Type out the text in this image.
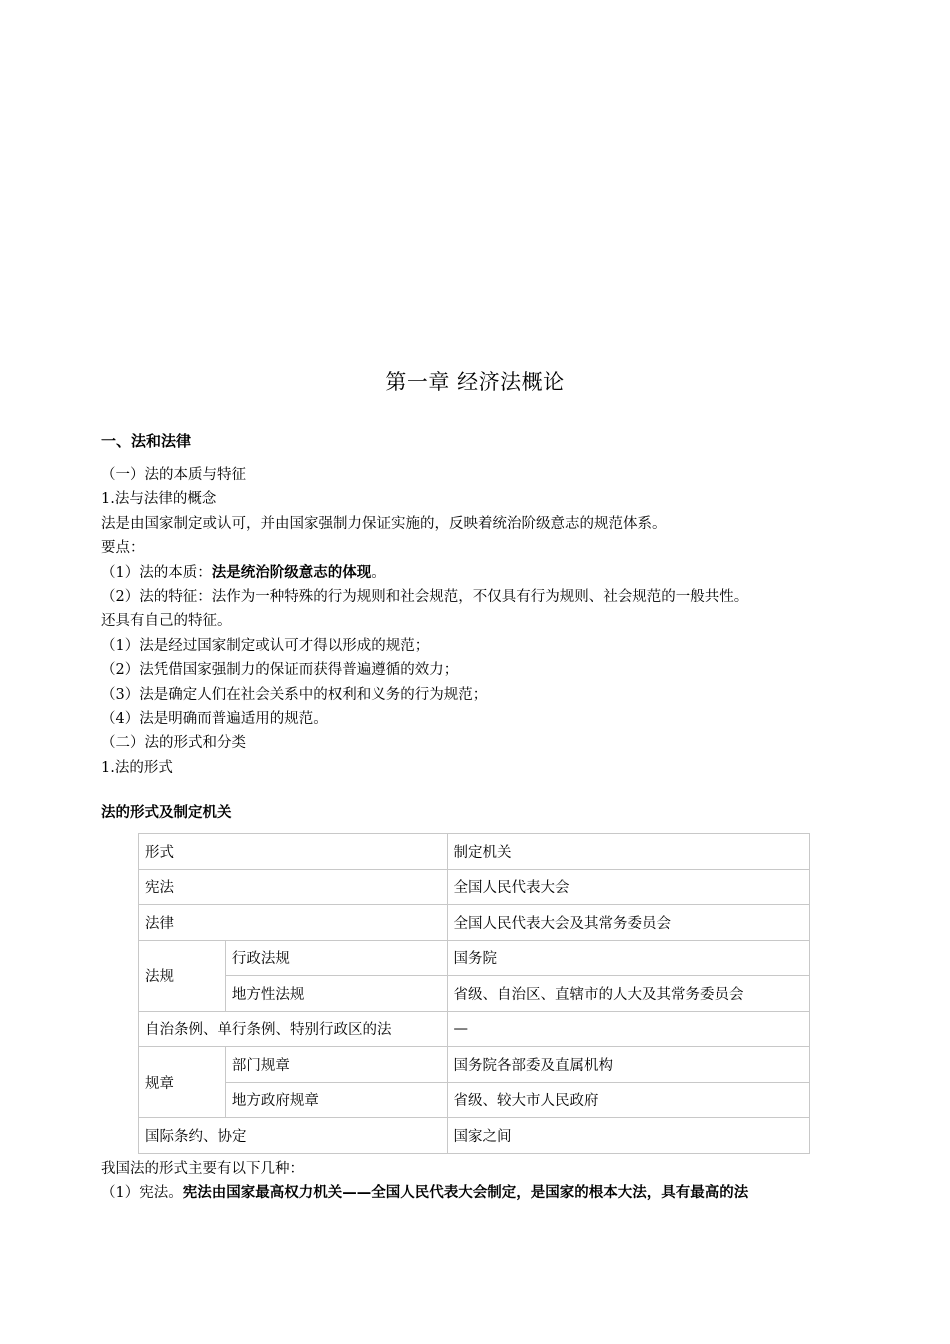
第一章 经济法概论
一、法和法律
（一）法的本质与特征
1.法与法律的概念
法是由国家制定或认可，并由国家强制力保证实施的，反映着统治阶级意志的规范体系。
要点：
（1）法的本质：法是统治阶级意志的体现。
（2）法的特征：法作为一种特殊的行为规则和社会规范，不仅具有行为规则、社会规范的一般共性。
还具有自己的特征。
（1）法是经过国家制定或认可才得以形成的规范；
（2）法凭借国家强制力的保证而获得普遍遵循的效力；
（3）法是确定人们在社会关系中的权利和义务的行为规范；
（4）法是明确而普遍适用的规范。
（二）法的形式和分类
1.法的形式
法的形式及制定机关
形式		制定机关
宪法		全国人民代表大会
法律		全国人民代表大会及其常务委员会
法规	行政法规	国务院
	地方性法规	省级、自治区、直辖市的人大及其常务委员会
自治条例、单行条例、特别行政区的法		—
规章	部门规章	国务院各部委及直属机构
	地方政府规章	省级、较大市人民政府
国际条约、协定		国家之间
我国法的形式主要有以下几种：
（1）宪法。宪法由国家最高权力机关——全国人民代表大会制定，是国家的根本大法，具有最高的法
